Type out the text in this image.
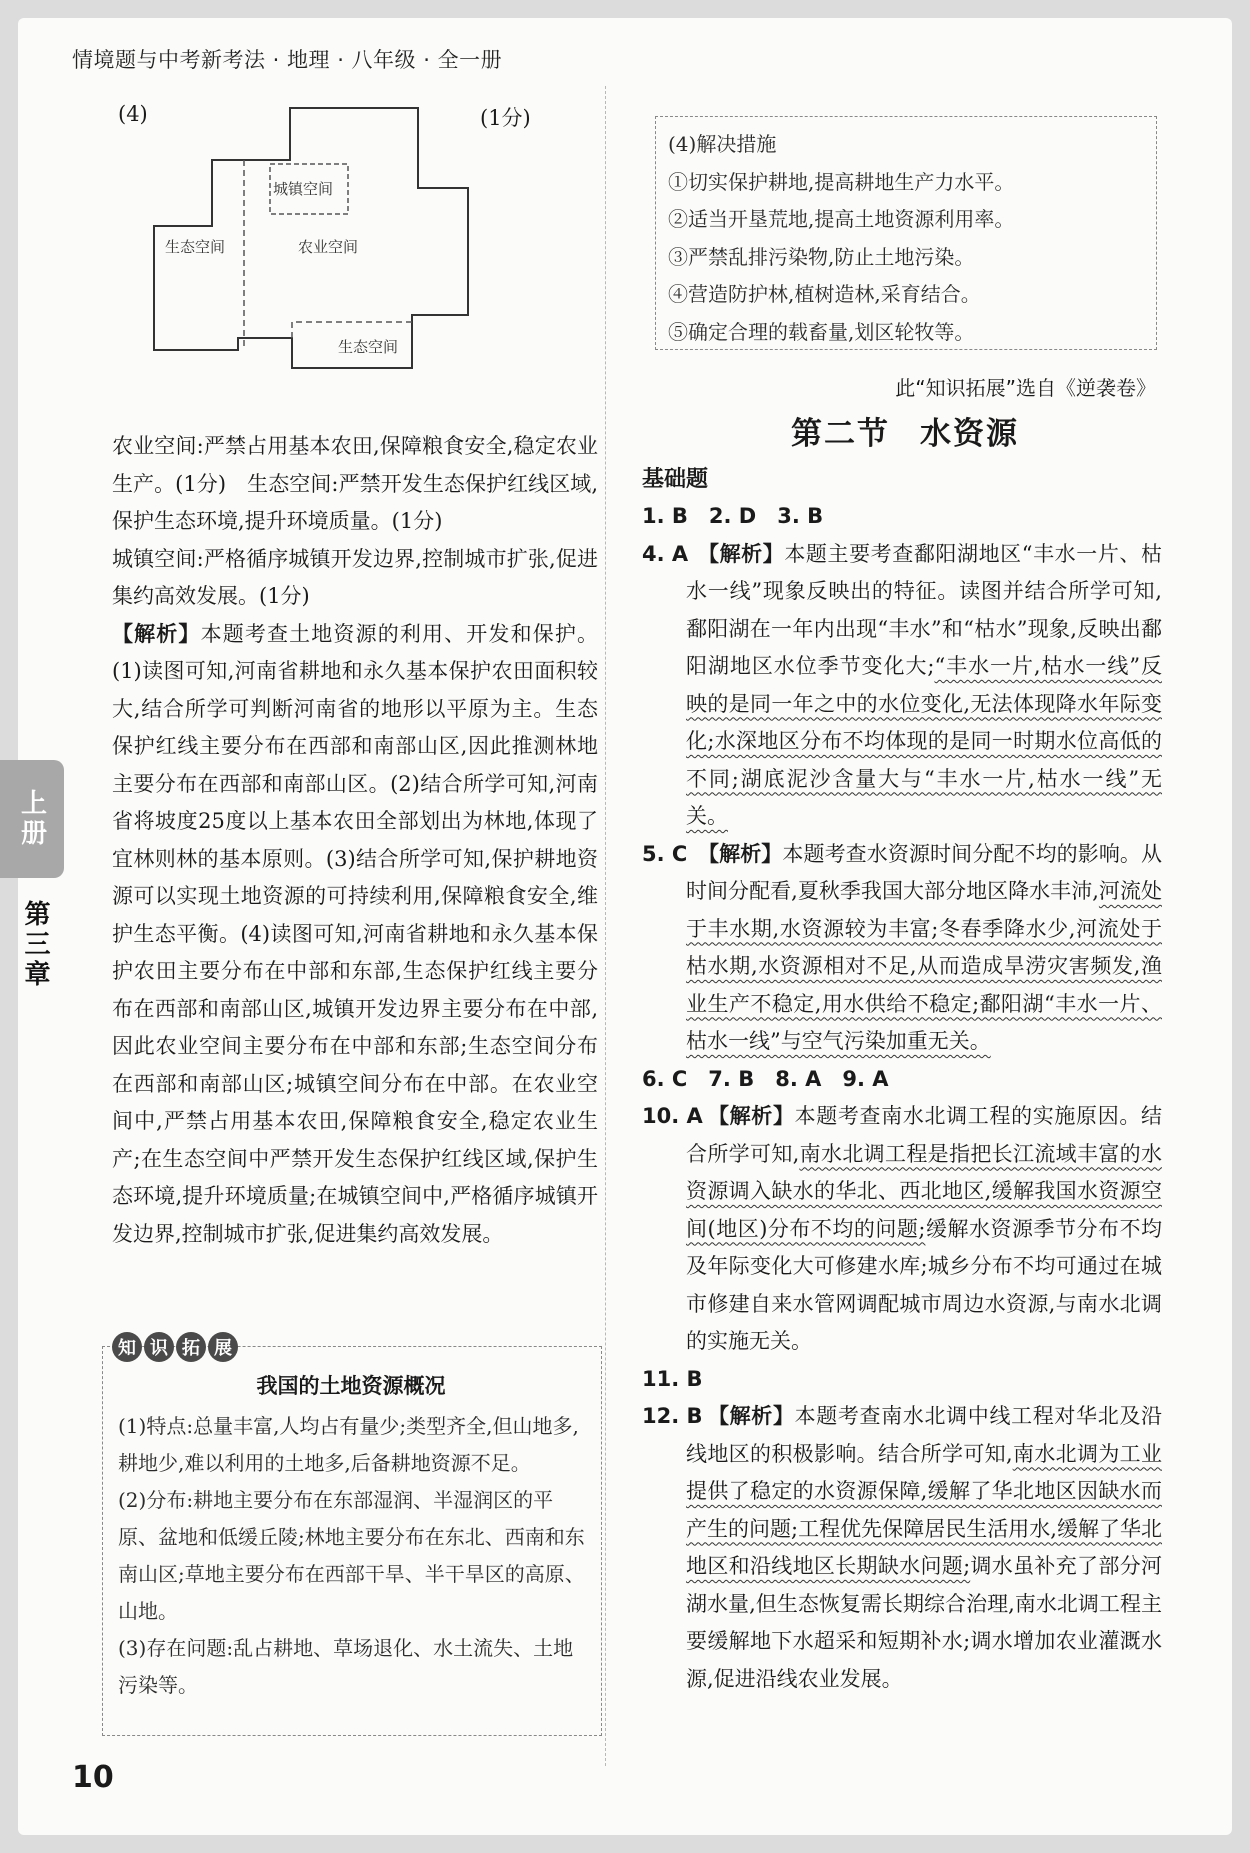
情境题与中考新考法 · 地理 · 八年级 · 全一册
上册
第三章
(4)	(1分)
城镇空间
生态空间	农业空间
生态空间

农业空间:严禁占用基本农田,保障粮食安全,稳定农业生产。(1分)　生态空间:严禁开发生态保护红线区域,保护生态环境,提升环境质量。(1分)

城镇空间:严格循序城镇开发边界,控制城市扩张,促进集约高效发展。(1分)

【解析】本题考查土地资源的利用、开发和保护。(1)读图可知,河南省耕地和永久基本保护农田面积较大,结合所学可判断河南省的地形以平原为主。生态保护红线主要分布在西部和南部山区,因此推测林地主要分布在西部和南部山区。(2)结合所学可知,河南省将坡度25度以上基本农田全部划出为林地,体现了宜林则林的基本原则。(3)结合所学可知,保护耕地资源可以实现土地资源的可持续利用,保障粮食安全,维护生态平衡。(4)读图可知,河南省耕地和永久基本保护农田主要分布在中部和东部,生态保护红线主要分布在西部和南部山区,城镇开发边界主要分布在中部,因此农业空间主要分布在中部和东部;生态空间分布在西部和南部山区;城镇空间分布在中部。在农业空间中,严禁占用基本农田,保障粮食安全,稳定农业生产;在生态空间中严禁开发生态保护红线区域,保护生态环境,提升环境质量;在城镇空间中,严格循序城镇开发边界,控制城市扩张,促进集约高效发展。

知 识 拓 展
我国的土地资源概况

(1)特点:总量丰富,人均占有量少;类型齐全,但山地多,耕地少,难以利用的土地多,后备耕地资源不足。

(2)分布:耕地主要分布在东部湿润、半湿润区的平原、盆地和低缓丘陵;林地主要分布在东北、西南和东南山区;草地主要分布在西部干旱、半干旱区的高原、山地。

(3)存在问题:乱占耕地、草场退化、水土流失、土地污染等。

(4)解决措施

①切实保护耕地,提高耕地生产力水平。

②适当开垦荒地,提高土地资源利用率。

③严禁乱排污染物,防止土地污染。

④营造防护林,植树造林,采育结合。

⑤确定合理的载畜量,划区轮牧等。

此“知识拓展”选自《逆袭卷》
第二节 水资源
基础题
1. B　2. D　3. B
4. A 【解析】本题主要考查鄱阳湖地区“丰水一片、枯水一线”现象反映出的特征。读图并结合所学可知,鄱阳湖在一年内出现“丰水”和“枯水”现象,反映出鄱阳湖地区水位季节变化大;“丰水一片,枯水一线”反映的是同一年之中的水位变化,无法体现降水年际变化;水深地区分布不均体现的是同一时期水位高低的不同;湖底泥沙含量大与“丰水一片,枯水一线”无关。
5. C 【解析】本题考查水资源时间分配不均的影响。从时间分配看,夏秋季我国大部分地区降水丰沛,河流处于丰水期,水资源较为丰富;冬春季降水少,河流处于枯水期,水资源相对不足,从而造成旱涝灾害频发,渔业生产不稳定,用水供给不稳定;鄱阳湖“丰水一片、枯水一线”与空气污染加重无关。
6. C　7. B　8. A　9. A
10. A 【解析】本题考查南水北调工程的实施原因。结合所学可知,南水北调工程是指把长江流域丰富的水资源调入缺水的华北、西北地区,缓解我国水资源空间(地区)分布不均的问题;缓解水资源季节分布不均及年际变化大可修建水库;城乡分布不均可通过在城市修建自来水管网调配城市周边水资源,与南水北调的实施无关。
11. B
12. B 【解析】本题考查南水北调中线工程对华北及沿线地区的积极影响。结合所学可知,南水北调为工业提供了稳定的水资源保障,缓解了华北地区因缺水而产生的问题;工程优先保障居民生活用水,缓解了华北地区和沿线地区长期缺水问题;调水虽补充了部分河湖水量,但生态恢复需长期综合治理,南水北调工程主要缓解地下水超采和短期补水;调水增加农业灌溉水源,促进沿线农业发展。
10
